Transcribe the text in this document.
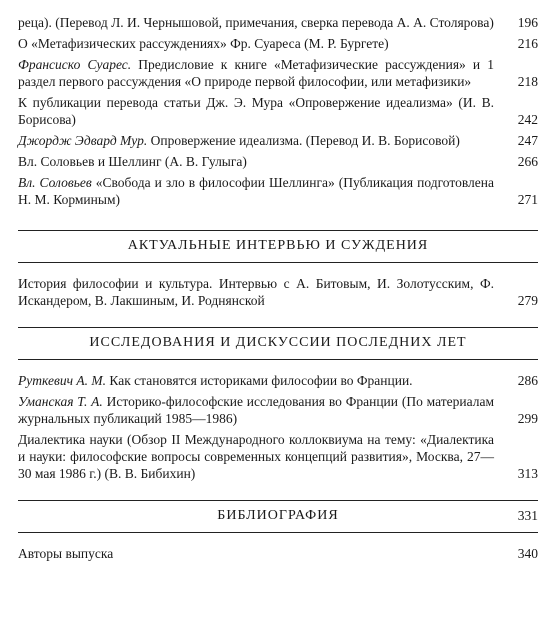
реца). (Перевод Л. И. Чернышовой, примечания, сверка перевода А. А. Столярова)	196
О «Метафизических рассуждениях» Фр. Суареса (М. Р. Бургете)	216
Франсиско Суарес. Предисловие к книге «Метафизические рассуждения» и 1 раздел первого рассуждения «О природе первой философии, или метафизики»	218
К публикации перевода статьи Дж. Э. Мура «Опровержение идеализма» (И. В. Борисова)	242
Джордж Эдвард Мур. Опровержение идеализма. (Перевод И. В. Борисовой)	247
Вл. Соловьев и Шеллинг (А. В. Гулыга)	266
Вл. Соловьев «Свобода и зло в философии Шеллинга» (Публикация подготовлена Н. М. Корминым)	271
АКТУАЛЬНЫЕ ИНТЕРВЬЮ И СУЖДЕНИЯ
История философии и культура. Интервью с А. Битовым, И. Золотусским, Ф. Искандером, В. Лакшиным, И. Роднянской	279
ИССЛЕДОВАНИЯ И ДИСКУССИИ ПОСЛЕДНИХ ЛЕТ
Руткевич А. М. Как становятся историками философии во Франции.	286
Уманская Т. А. Историко-философские исследования во Франции (По материалам журнальных публикаций 1985—1986)	299
Диалектика науки (Обзор II Международного коллоквиума на тему: «Диалектика и науки: философские вопросы современных концепций развития», Москва, 27—30 мая 1986 г.) (В. В. Бибихин)	313
БИБЛИОГРАФИЯ	331
Авторы выпуска	340
